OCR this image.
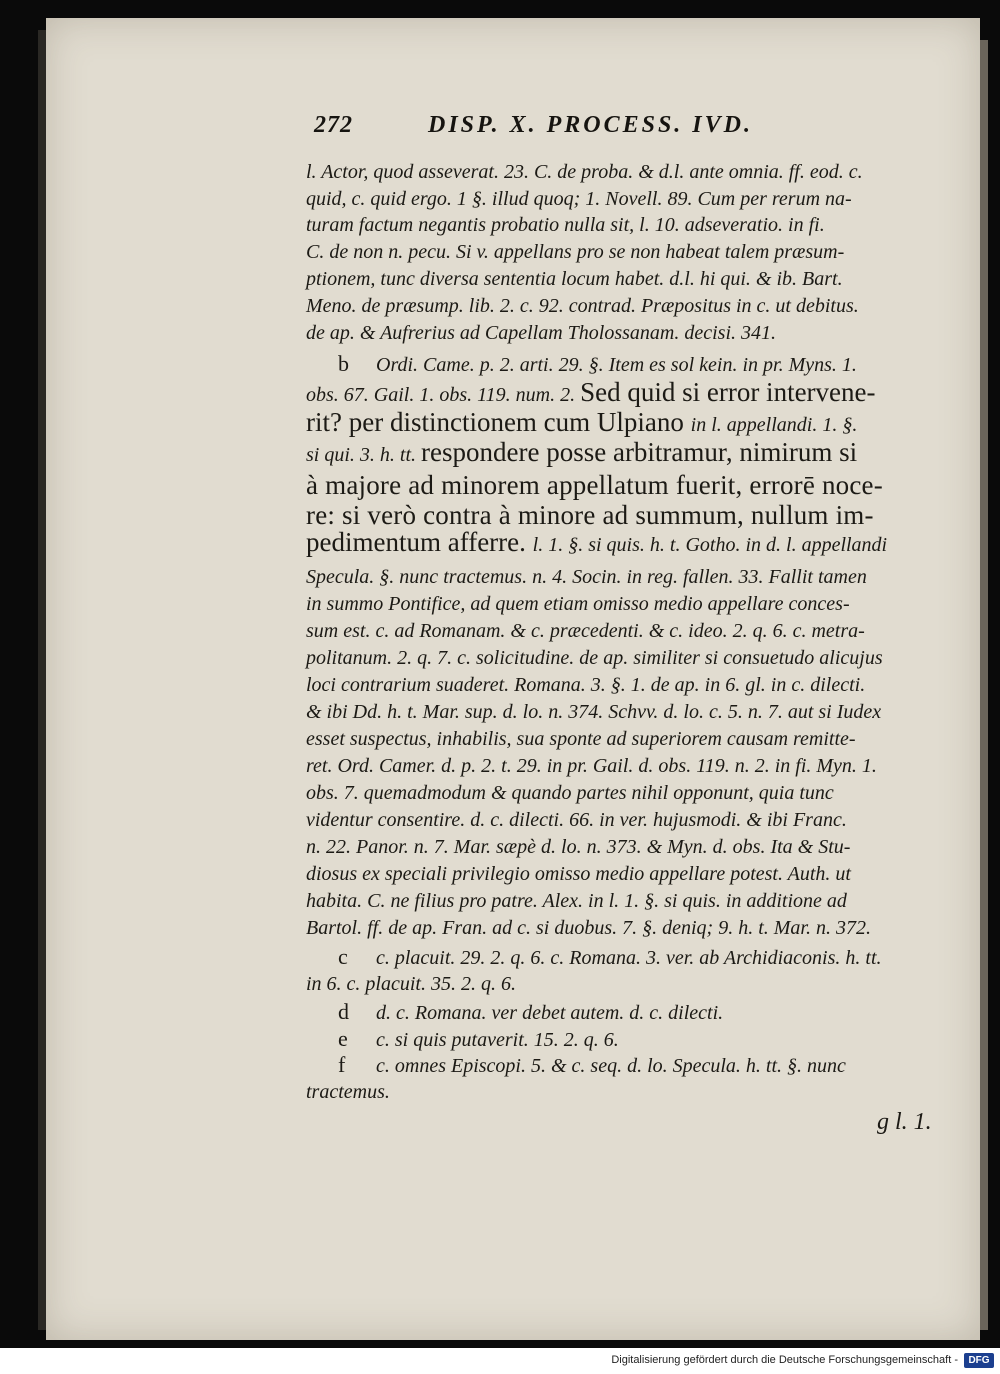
272	DISP. X. PROCESS. IVD.
l. Actor, quod asseverat. 23. C. de proba. & d.l. ante omnia. ff. eod. c.
quid, c. quid ergo. 1 §. illud quoq; 1. Novell. 89. Cum per rerum na-
turam factum negantis probatio nulla sit, l. 10. adseveratio. in fi.
C. de non n. pecu. Si v. appellans pro se non habeat talem præsum-
ptionem, tunc diversa sententia locum habet. d.l. hi qui. & ib. Bart.
Meno. de præsump. lib. 2. c. 92. contrad. Præpositus in c. ut debitus.
de ap. & Aufrerius ad Capellam Tholossanam. decisi. 341.
b Ordi. Came. p. 2. arti. 29. §. Item es sol kein. in pr. Myns. 1.
obs. 67. Gail. 1. obs. 119. num. 2. Sed quid si error intervene-
rit? per distinctionem cum Ulpiano in l. appellandi. 1. §.
si qui. 3. h. tt. respondere posse arbitramur, nimirum si
à majore ad minorem appellatum fuerit, errorē noce-
re: si verò contra à minore ad summum, nullum im-
pedimentum afferre. l. 1. §. si quis. h. t. Gotho. in d. l. appellandi
Specula. §. nunc tractemus. n. 4. Socin. in reg. fallen. 33. Fallit tamen
in summo Pontifice, ad quem etiam omisso medio appellare conces-
sum est. c. ad Romanam. & c. præcedenti. & c. ideo. 2. q. 6. c. metra-
politanum. 2. q. 7. c. solicitudine. de ap. similiter si consuetudo alicujus
loci contrarium suaderet. Romana. 3. §. 1. de ap. in 6. gl. in c. dilecti.
& ibi Dd. h. t. Mar. sup. d. lo. n. 374. Schvv. d. lo. c. 5. n. 7. aut si Iudex
esset suspectus, inhabilis, sua sponte ad superiorem causam remitte-
ret. Ord. Camer. d. p. 2. t. 29. in pr. Gail. d. obs. 119. n. 2. in fi. Myn. 1.
obs. 7. quemadmodum & quando partes nihil opponunt, quia tunc
videntur consentire. d. c. dilecti. 66. in ver. hujusmodi. & ibi Franc.
n. 22. Panor. n. 7. Mar. sæpè d. lo. n. 373. & Myn. d. obs. Ita & Stu-
diosus ex speciali privilegio omisso medio appellare potest. Auth. ut
habita. C. ne filius pro patre. Alex. in l. 1. §. si quis. in additione ad
Bartol. ff. de ap. Fran. ad c. si duobus. 7. §. deniq; 9. h. t. Mar. n. 372.
c c. placuit. 29. 2. q. 6. c. Romana. 3. ver. ab Archidiaconis. h. tt.
in 6. c. placuit. 35. 2. q. 6.
d d. c. Romana. ver debet autem. d. c. dilecti.
e c. si quis putaverit. 15. 2. q. 6.
f c. omnes Episcopi. 5. & c. seq. d. lo. Specula. h. tt. §. nunc
tractemus.
g l. 1.
Digitalisierung gefördert durch die Deutsche Forschungsgemeinschaft -	DFG
